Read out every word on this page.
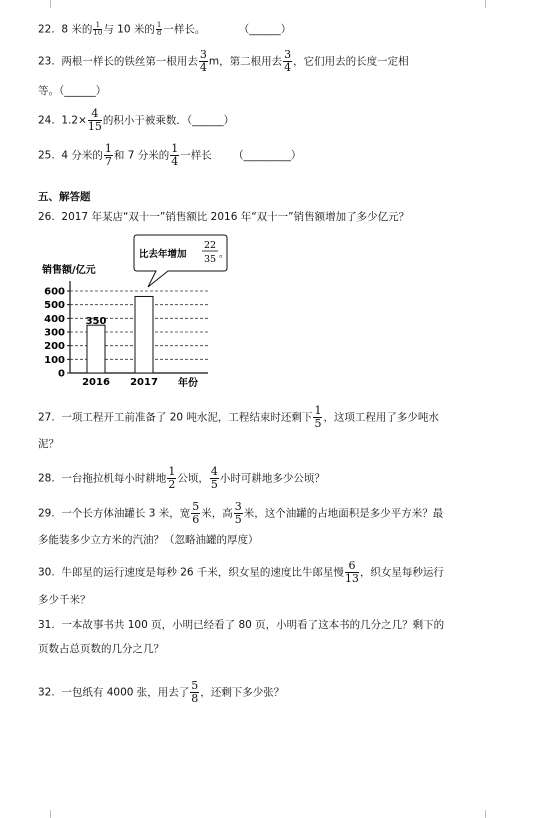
22. 8 米的 $\frac{1}{10}$ 与 10 米的 $\frac{1}{8}$ 一样长。	（______）
23. 两根一样长的铁丝第一根用去 $\frac{3}{4}$ m，第二根用去 $\frac{3}{4}$ ，它们用去的长度一定相
等。（______）
24. $1.2\times \frac{4}{15}$ 的积小于被乘数．（______）
25. 4 分米的 $\frac{1}{7}$ 和 7 分米的 $\frac{1}{4}$ 一样长 （_________）
五、解答题
26. 2017 年某店“双十一”销售额比 2016 年“双十一”销售额增加了多少亿元？
销售额/亿元
0
100
200
300
400
500
600
2016
350
2017 年份
比去年增加
22
35 。
27. 一项工程开工前准备了 20 吨水泥，工程结束时还剩下 $\frac{1}{5}$ ，这项工程用了多少吨水
泥？
28. 一台拖拉机每小时耕地 $\frac{1}{2}$ 公顷， $\frac{4}{5}$ 小时可耕地多少公顷？
29. 一个长方体油罐长 3 米，宽 $\frac{5}{6}$ 米，高 $\frac{3}{5}$ 米，这个油罐的占地面积是多少平方米？最
多能装多少立方米的汽油？（忽略油罐的厚度）
30. 牛郎星的运行速度是每秒 26 千米，织女星的速度比牛郎星慢 $\frac{6}{13}$ ，织女星每秒运行
多少千米？
31. 一本故事书共 100 页，小明已经看了 80 页，小明看了这本书的几分之几？剩下的
页数占总页数的几分之几？
32. 一包纸有 4000 张，用去了 $\frac{5}{8}$ ，还剩下多少张？
